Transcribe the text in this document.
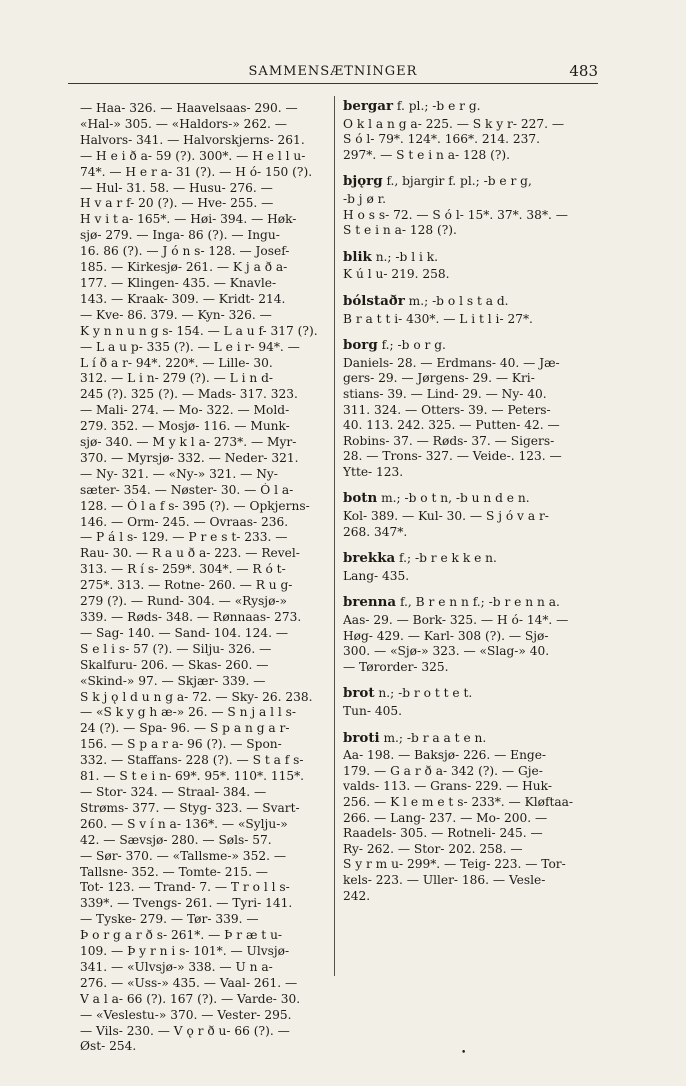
SAMMENSÆTNINGER	483
— Haa- 326. — Haavelsaas- 290. —
«Hal-» 305. — «Haldors-» 262. —
Halvors- 341. — Halvorskjerns- 261.
— H e i ð a- 59 (?). 300*. — H e l l u-
74*. — H e r a- 31 (?). — H ó- 150 (?).
— Hul- 31. 58. — Husu- 276. —
H v a r f- 20 (?). — Hve- 255. —
H v i t a- 165*. — Høi- 394. — Høk-
sjø- 279. — Inga- 86 (?). — Ingu-
16. 86 (?). — J ó n s- 128. — Josef-
185. — Kirkesjø- 261. — K j a ð a-
177. — Klingen- 435. — Knavle-
143. — Kraak- 309. — Kridt- 214.
— Kve- 86. 379. — Kyn- 326. —
K y n n u n g s- 154. — L a u f- 317 (?).
— L a u p- 335 (?). — L e i r- 94*. —
L í ð a r- 94*. 220*. — Lille- 30.
312. — L i n- 279 (?). — L i n d-
245 (?). 325 (?). — Mads- 317. 323.
— Mali- 274. — Mo- 322. — Mold-
279. 352. — Mosjø- 116. — Munk-
sjø- 340. — M y k l a- 273*. — Myr-
370. — Myrsjø- 332. — Neder- 321.
— Ny- 321. — «Ny-» 321. — Ny-
sæter- 354. — Nøster- 30. — Ó l a-
128. — Ó l a f s- 395 (?). — Opkjerns-
146. — Orm- 245. — Ovraas- 236.
— P á l s- 129. — P r e s t- 233. —
Rau- 30. — R a u ð a- 223. — Revel-
313. — R í s- 259*. 304*. — R ó t-
275*. 313. — Rotne- 260. — R u g-
279 (?). — Rund- 304. — «Rysjø-»
339. — Røds- 348. — Rønnaas- 273.
— Sag- 140. — Sand- 104. 124. —
S e l i s- 57 (?). — Silju- 326. —
Skalfuru- 206. — Skas- 260. —
«Skind-» 97. — Skjær- 339. —
S k j ǫ l d u n g a- 72. — Sky- 26. 238.
— «S k y g h æ-» 26. — S n j a l l s-
24 (?). — Spa- 96. — S p a n g a r-
156. — S p a r a- 96 (?). — Spon-
332. — Staffans- 228 (?). — S t a f s-
81. — S t e i n- 69*. 95*. 110*. 115*.
— Stor- 324. — Straal- 384. —
Strøms- 377. — Styg- 323. — Svart-
260. — S v í n a- 136*. — «Sylju-»
42. — Sævsjø- 280. — Søls- 57.
— Sør- 370. — «Tallsme-» 352. —
Tallsne- 352. — Tomte- 215. —
Tot- 123. — Trand- 7. — T r o l l s-
339*. — Tvengs- 261. — Tyri- 141.
— Tyske- 279. — Tør- 339. —
Þ o r g a r ð s- 261*. — Þ r æ t u-
109. — Þ y r n i s- 101*. — Ulvsjø-
341. — «Ulvsjø-» 338. — U n a-
276. — «Uss-» 435. — Vaal- 261. —
V a l a- 66 (?). 167 (?). — Varde- 30.
— «Veslestu-» 370. — Vester- 295.
— Vils- 230. — V ǫ r ð u- 66 (?). —
Øst- 254.
bergar f. pl.; -b e r g.
O k l a n g a- 225. — S k y r- 227. —
S ó l- 79*. 124*. 166*. 214. 237.
297*. — S t e i n a- 128 (?).
bjǫrg f., bjargir f. pl.; -b e r g,
-b j ø r.
H o s s- 72. — S ó l- 15*. 37*. 38*. —
S t e i n a- 128 (?).
blik n.; -b l i k.
K ú l u- 219. 258.
bólstaðr m.; -b o l s t a d.
B r a t t i- 430*. — L i t l i- 27*.
borg f.; -b o r g.
Daniels- 28. — Erdmans- 40. — Jæ-
gers- 29. — Jørgens- 29. — Kri-
stians- 39. — Lind- 29. — Ny- 40.
311. 324. — Otters- 39. — Peters-
40. 113. 242. 325. — Putten- 42. —
Robins- 37. — Røds- 37. — Sigers-
28. — Trons- 327. — Veide-. 123. —
Ytte- 123.
botn m.; -b o t n, -b u n d e n.
Kol- 389. — Kul- 30. — S j ó v a r-
268. 347*.
brekka f.; -b r e k k e n.
Lang- 435.
brenna f., B r e n n f.; -b r e n n a.
Aas- 29. — Bork- 325. — H ó- 14*. —
Høg- 429. — Karl- 308 (?). — Sjø-
300. — «Sjø-» 323. — «Slag-» 40.
— Tørorder- 325.
brot n.; -b r o t t e t.
Tun- 405.
broti m.; -b r a a t e n.
Aa- 198. — Baksjø- 226. — Enge-
179. — G a r ð a- 342 (?). — Gje-
valds- 113. — Grans- 229. — Huk-
256. — K l e m e t s- 233*. — Kløftaa-
266. — Lang- 237. — Mo- 200. —
Raadels- 305. — Rotneli- 245. —
Ry- 262. — Stor- 202. 258. —
S y r m u- 299*. — Teig- 223. — Tor-
kels- 223. — Uller- 186. — Vesle-
242.
•
